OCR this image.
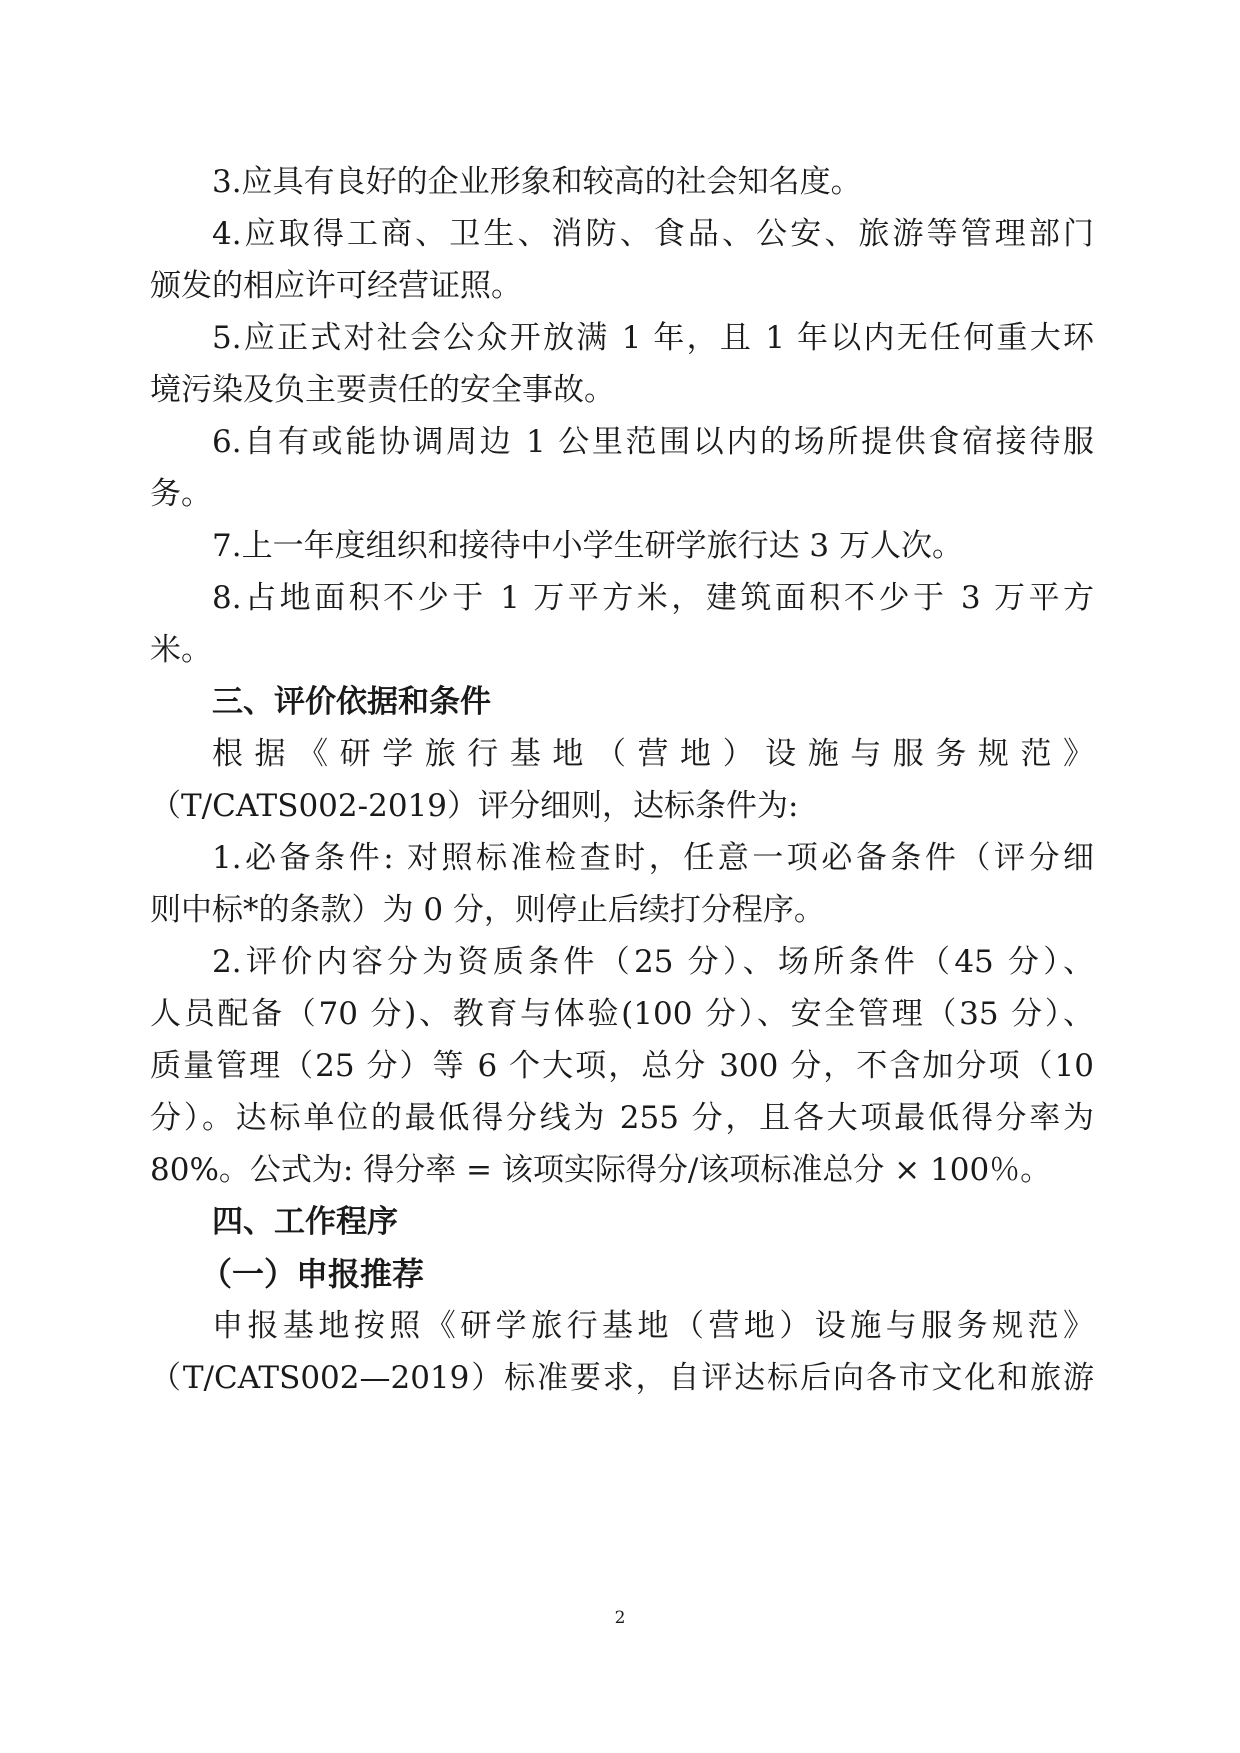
3.应具有良好的企业形象和较高的社会知名度。
4.应取得工商、卫生、消防、食品、公安、旅游等管理部门
颁发的相应许可经营证照。
5.应正式对社会公众开放满 1 年，且 1 年以内无任何重大环
境污染及负主要责任的安全事故。
6.自有或能协调周边 1 公里范围以内的场所提供食宿接待服
务。
7.上一年度组织和接待中小学生研学旅行达 3 万人次。
8.占地面积不少于 1 万平方米，建筑面积不少于 3 万平方
米。
三、评价依据和条件
根据《研学旅行基地（营地）设施与服务规范》
（T/CATS002-2019）评分细则，达标条件为:
1.必备条件: 对照标准检查时，任意一项必备条件（评分细
则中标*的条款）为 0 分，则停止后续打分程序。
2.评价内容分为资质条件（25 分）、场所条件（45 分）、
人员配备（70 分)、教育与体验(100 分）、安全管理（35 分）、
质量管理（25 分）等 6 个大项，总分 300 分，不含加分项（10
分）。达标单位的最低得分线为 255 分，且各大项最低得分率为
80%。公式为: 得分率 = 该项实际得分/该项标准总分 × 100％。
四、工作程序
（一）申报推荐
申报基地按照《研学旅行基地（营地）设施与服务规范》
（T/CATS002—2019）标准要求，自评达标后向各市文化和旅游
2
